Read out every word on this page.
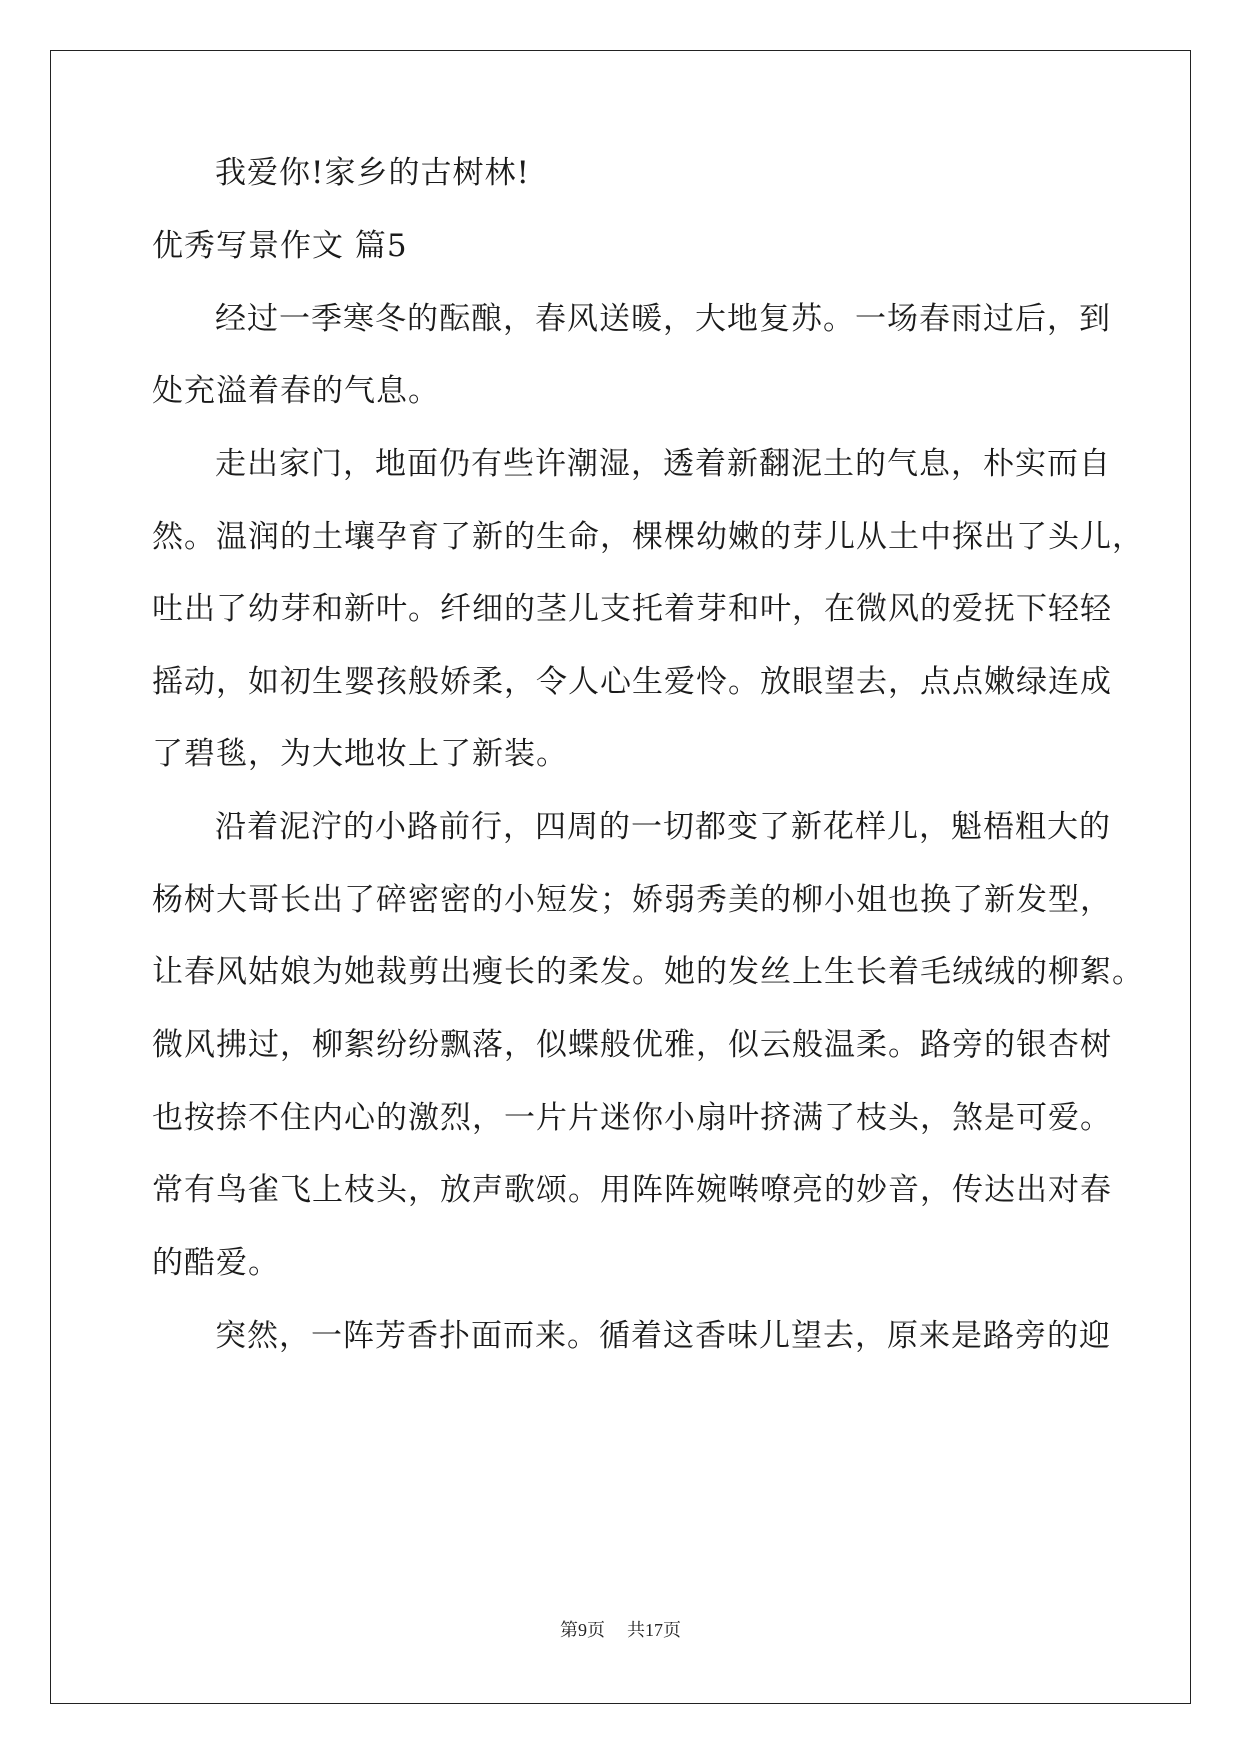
我爱你!家乡的古树林!
优秀写景作文 篇5
经过一季寒冬的酝酿，春风送暖，大地复苏。一场春雨过后，到
处充溢着春的气息。
走出家门，地面仍有些许潮湿，透着新翻泥土的气息，朴实而自
然。温润的土壤孕育了新的生命，棵棵幼嫩的芽儿从土中探出了头儿，
吐出了幼芽和新叶。纤细的茎儿支托着芽和叶，在微风的爱抚下轻轻
摇动，如初生婴孩般娇柔，令人心生爱怜。放眼望去，点点嫩绿连成
了碧毯，为大地妆上了新装。
沿着泥泞的小路前行，四周的一切都变了新花样儿，魁梧粗大的
杨树大哥长出了碎密密的小短发；娇弱秀美的柳小姐也换了新发型，
让春风姑娘为她裁剪出瘦长的柔发。她的发丝上生长着毛绒绒的柳絮。
微风拂过，柳絮纷纷飘落，似蝶般优雅，似云般温柔。路旁的银杏树
也按捺不住内心的激烈，一片片迷你小扇叶挤满了枝头，煞是可爱。
常有鸟雀飞上枝头，放声歌颂。用阵阵婉啭嘹亮的妙音，传达出对春
的酷爱。
突然，一阵芳香扑面而来。循着这香味儿望去，原来是路旁的迎
第9页 共17页
